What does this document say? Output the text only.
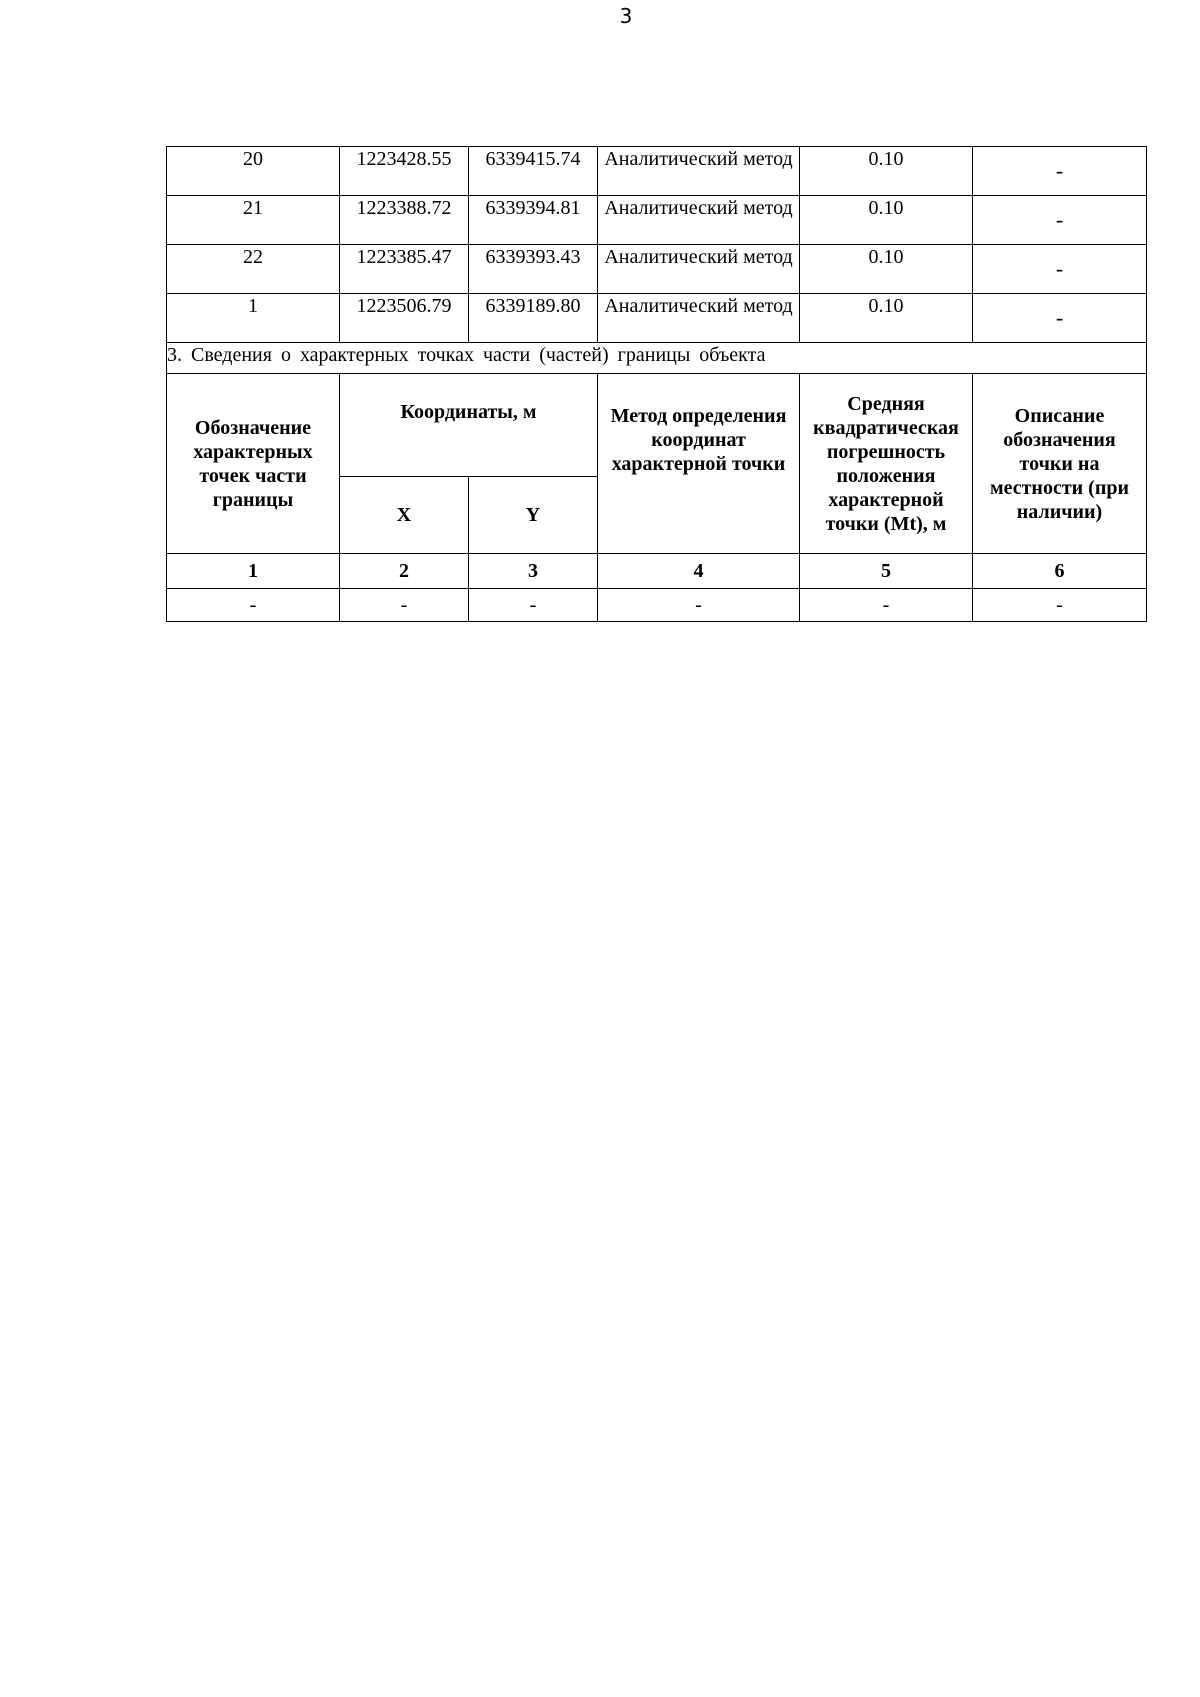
3
20	1223428.55	6339415.74	Аналитический метод	0.10	-
21	1223388.72	6339394.81	Аналитический метод	0.10	-
22	1223385.47	6339393.43	Аналитический метод	0.10	-
1	1223506.79	6339189.80	Аналитический метод	0.10	-
3. Сведения о характерных точках части (частей) границы объекта					
Обозначение характерных точек части границы	Координаты, м		Метод определения координат характерной точки	Средняя квадратическая погрешность положения характерной точки (Mt), м	Описание обозначения точки на местности (при наличии)
	X	Y			
1	2	3	4	5	6
-	-	-	-	-	-
